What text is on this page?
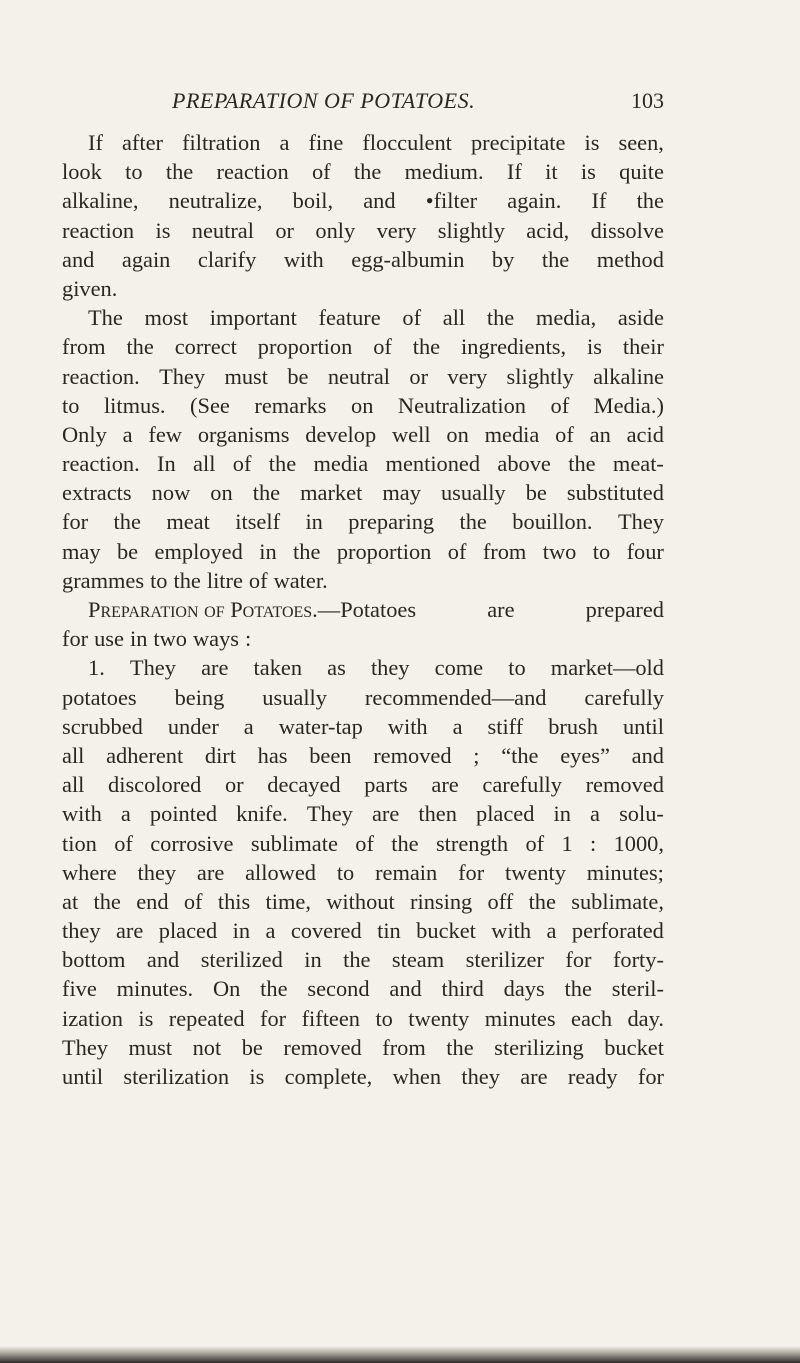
PREPARATION OF POTATOES.	103
If after filtration a fine flocculent precipitate is seen,
look to the reaction of the medium. If it is quite
alkaline, neutralize, boil, and •filter again. If the
reaction is neutral or only very slightly acid, dissolve
and again clarify with egg-albumin by the method
given.
The most important feature of all the media, aside
from the correct proportion of the ingredients, is their
reaction. They must be neutral or very slightly alkaline
to litmus. (See remarks on Neutralization of Media.)
Only a few organisms develop well on media of an acid
reaction. In all of the media mentioned above the meat-
extracts now on the market may usually be substituted
for the meat itself in preparing the bouillon. They
may be employed in the proportion of from two to four
grammes to the litre of water.
Preparation of Potatoes.—Potatoes	are	prepared
for use in two ways :
1. They are taken as they come to market—old
potatoes being usually recommended—and carefully
scrubbed under a water-tap with a stiff brush until
all adherent dirt has been removed ; “the eyes” and
all discolored or decayed parts are carefully removed
with a pointed knife. They are then placed in a solu-
tion of corrosive sublimate of the strength of 1 : 1000,
where they are allowed to remain for twenty minutes;
at the end of this time, without rinsing off the sublimate,
they are placed in a covered tin bucket with a perforated
bottom and sterilized in the steam sterilizer for forty-
five minutes. On the second and third days the steril-
ization is repeated for fifteen to twenty minutes each day.
They must not be removed from the sterilizing bucket
until sterilization is complete, when they are ready for
